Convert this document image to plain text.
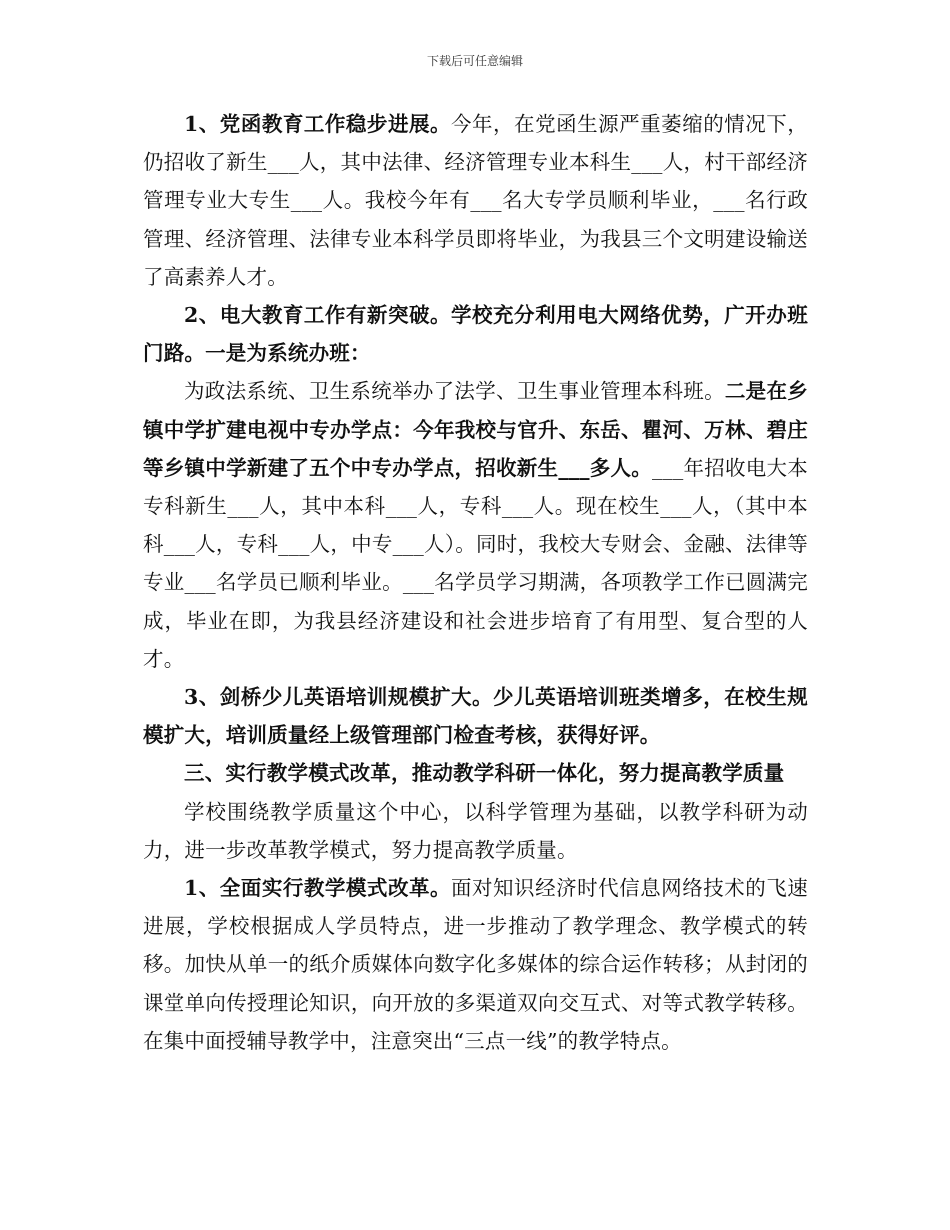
下载后可任意编辑

1、党函教育工作稳步进展。今年，在党函生源严重萎缩的情况下，仍招收了新生___人，其中法律、经济管理专业本科生___人，村干部经济管理专业大专生___人。我校今年有___名大专学员顺利毕业，___名行政管理、经济管理、法律专业本科学员即将毕业，为我县三个文明建设输送了高素养人才。

2、电大教育工作有新突破。学校充分利用电大网络优势，广开办班门路。一是为系统办班：

为政法系统、卫生系统举办了法学、卫生事业管理本科班。二是在乡镇中学扩建电视中专办学点：今年我校与官升、东岳、瞿河、万林、碧庄等乡镇中学新建了五个中专办学点，招收新生___多人。___年招收电大本专科新生___人，其中本科___人，专科___人。现在校生___人，（其中本科___人，专科___人，中专___人）。同时，我校大专财会、金融、法律等专业___名学员已顺利毕业。___名学员学习期满，各项教学工作已圆满完成，毕业在即，为我县经济建设和社会进步培育了有用型、复合型的人才。

3、剑桥少儿英语培训规模扩大。少儿英语培训班类增多，在校生规模扩大，培训质量经上级管理部门检查考核，获得好评。

三、实行教学模式改革，推动教学科研一体化，努力提高教学质量

学校围绕教学质量这个中心，以科学管理为基础，以教学科研为动力，进一步改革教学模式，努力提高教学质量。

1、全面实行教学模式改革。面对知识经济时代信息网络技术的飞速进展，学校根据成人学员特点，进一步推动了教学理念、教学模式的转移。加快从单一的纸介质媒体向数字化多媒体的综合运作转移；从封闭的课堂单向传授理论知识，向开放的多渠道双向交互式、对等式教学转移。在集中面授辅导教学中，注意突出“三点一线”的教学特点。
